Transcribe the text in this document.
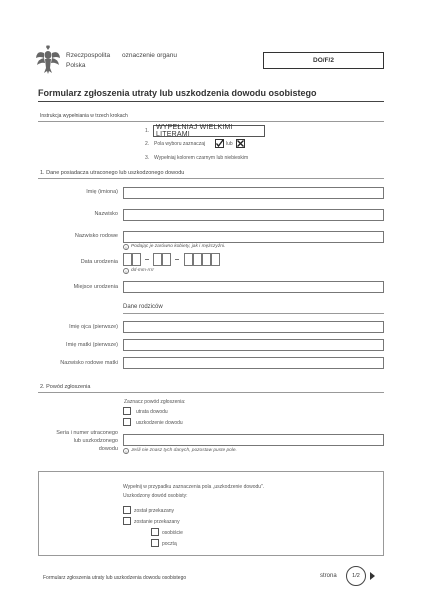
Rzeczpospolita
Polska
oznaczenie organu
DO/F/2
Formularz zgłoszenia utraty lub uszkodzenia dowodu osobistego
Instrukcja wypełniania w trzech krokach
1. WYPEŁNIAJ WIELKIMI LITERAMI
2. Pola wyboru zaznaczaj	lub
3. Wypełniaj kolorem czarnym lub niebieskim
1. Dane posiadacza utraconego lub uszkodzonego dowodu
Imię (imiona)
Nazwisko
Nazwisko rodowe
i Podając je zarówno kobiety, jak i mężczyźni.
Data urodzenia
i dd-mm-rrrr
Miejsce urodzenia
Dane rodziców
Imię ojca (pierwsze)
Imię matki (pierwsze)
Nazwisko rodowe matki
2. Powód zgłoszenia
Zaznacz powód zgłoszenia:
utrata dowodu
uszkodzenie dowodu
Seria i numer utraconego
lub uszkodzonego
dowodu	i Jeśli nie znasz tych danych, pozostaw puste pole.
Wypełnij w przypadku zaznaczenia pola „uszkodzenie dowodu".
Uszkodzony dowód osobisty:
został przekazany
zostanie przekazany
osobiście
pocztą
Formularz zgłoszenia utraty lub uszkodzenia dowodu osobistego	strona	1/2
